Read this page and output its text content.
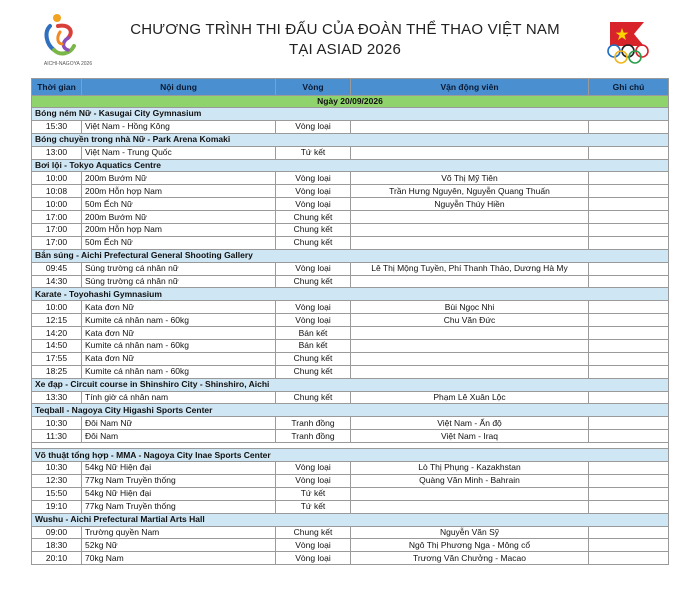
AICHI-NAGOYA 2026
CHƯƠNG TRÌNH THI ĐẤU CỦA ĐOÀN THỂ THAO VIỆT NAM
TẠI ASIAD 2026
Thời gian	Nội dung	Vòng	Vận động viên	Ghi chú
Ngày 20/09/2026				
Bóng ném Nữ - Kasugai City Gymnasium				
15:30	Việt Nam - Hồng Kông	Vòng loại		
Bóng chuyền trong nhà Nữ - Park Arena Komaki				
13:00	Việt Nam - Trung Quốc	Tứ kết		
Bơi lội - Tokyo Aquatics Centre				
10:00	200m Bướm Nữ	Vòng loại	Võ Thị Mỹ Tiên	
10:08	200m Hỗn hợp Nam	Vòng loại	Trần Hưng Nguyên, Nguyễn Quang Thuấn	
10:00	50m Ếch Nữ	Vòng loại	Nguyễn Thúy Hiền	
17:00	200m Bướm Nữ	Chung kết		
17:00	200m Hỗn hợp Nam	Chung kết		
17:00	50m Ếch Nữ	Chung kết		
Bắn súng - Aichi Prefectural General Shooting Gallery				
09:45	Súng trường cá nhân nữ	Vòng loại	Lê Thị Mộng Tuyền, Phí Thanh Thảo, Dương Hà My	
14:30	Súng trường cá nhân nữ	Chung kết		
Karate - Toyohashi Gymnasium				
10:00	Kata đơn Nữ	Vòng loại	Bùi Ngọc Nhi	
12:15	Kumite cá nhân nam - 60kg	Vòng loại	Chu Văn Đức	
14:20	Kata đơn Nữ	Bán kết		
14:50	Kumite cá nhân nam - 60kg	Bán kết		
17:55	Kata đơn Nữ	Chung kết		
18:25	Kumite cá nhân nam - 60kg	Chung kết		
Xe đạp - Circuit course in Shinshiro City - Shinshiro, Aichi				
13:30	Tính giờ cá nhân nam	Chung kết	Phạm Lê Xuân Lộc	
Teqball - Nagoya City Higashi Sports Center				
10:30	Đôi Nam Nữ	Tranh đồng	Việt Nam - Ấn độ	
11:30	Đôi Nam	Tranh đồng	Việt Nam - Iraq	

Võ thuật tổng hợp - MMA - Nagoya City Inae Sports Center				
10:30	54kg Nữ Hiện đại	Vòng loại	Lò Thị Phụng - Kazakhstan	
12:30	77kg Nam Truyền thống	Vòng loại	Quàng Văn Minh - Bahrain	
15:50	54kg Nữ Hiện đại	Tứ kết		
19:10	77kg Nam Truyền thống	Tứ kết		
Wushu - Aichi Prefectural Martial Arts Hall				
09:00	Trường quyền Nam	Chung kết	Nguyễn Văn Sỹ	
18:30	52kg Nữ	Vòng loại	Ngô Thị Phương Nga - Mông cổ	
20:10	70kg Nam	Vòng loại	Trương Văn Chưởng - Macao	
